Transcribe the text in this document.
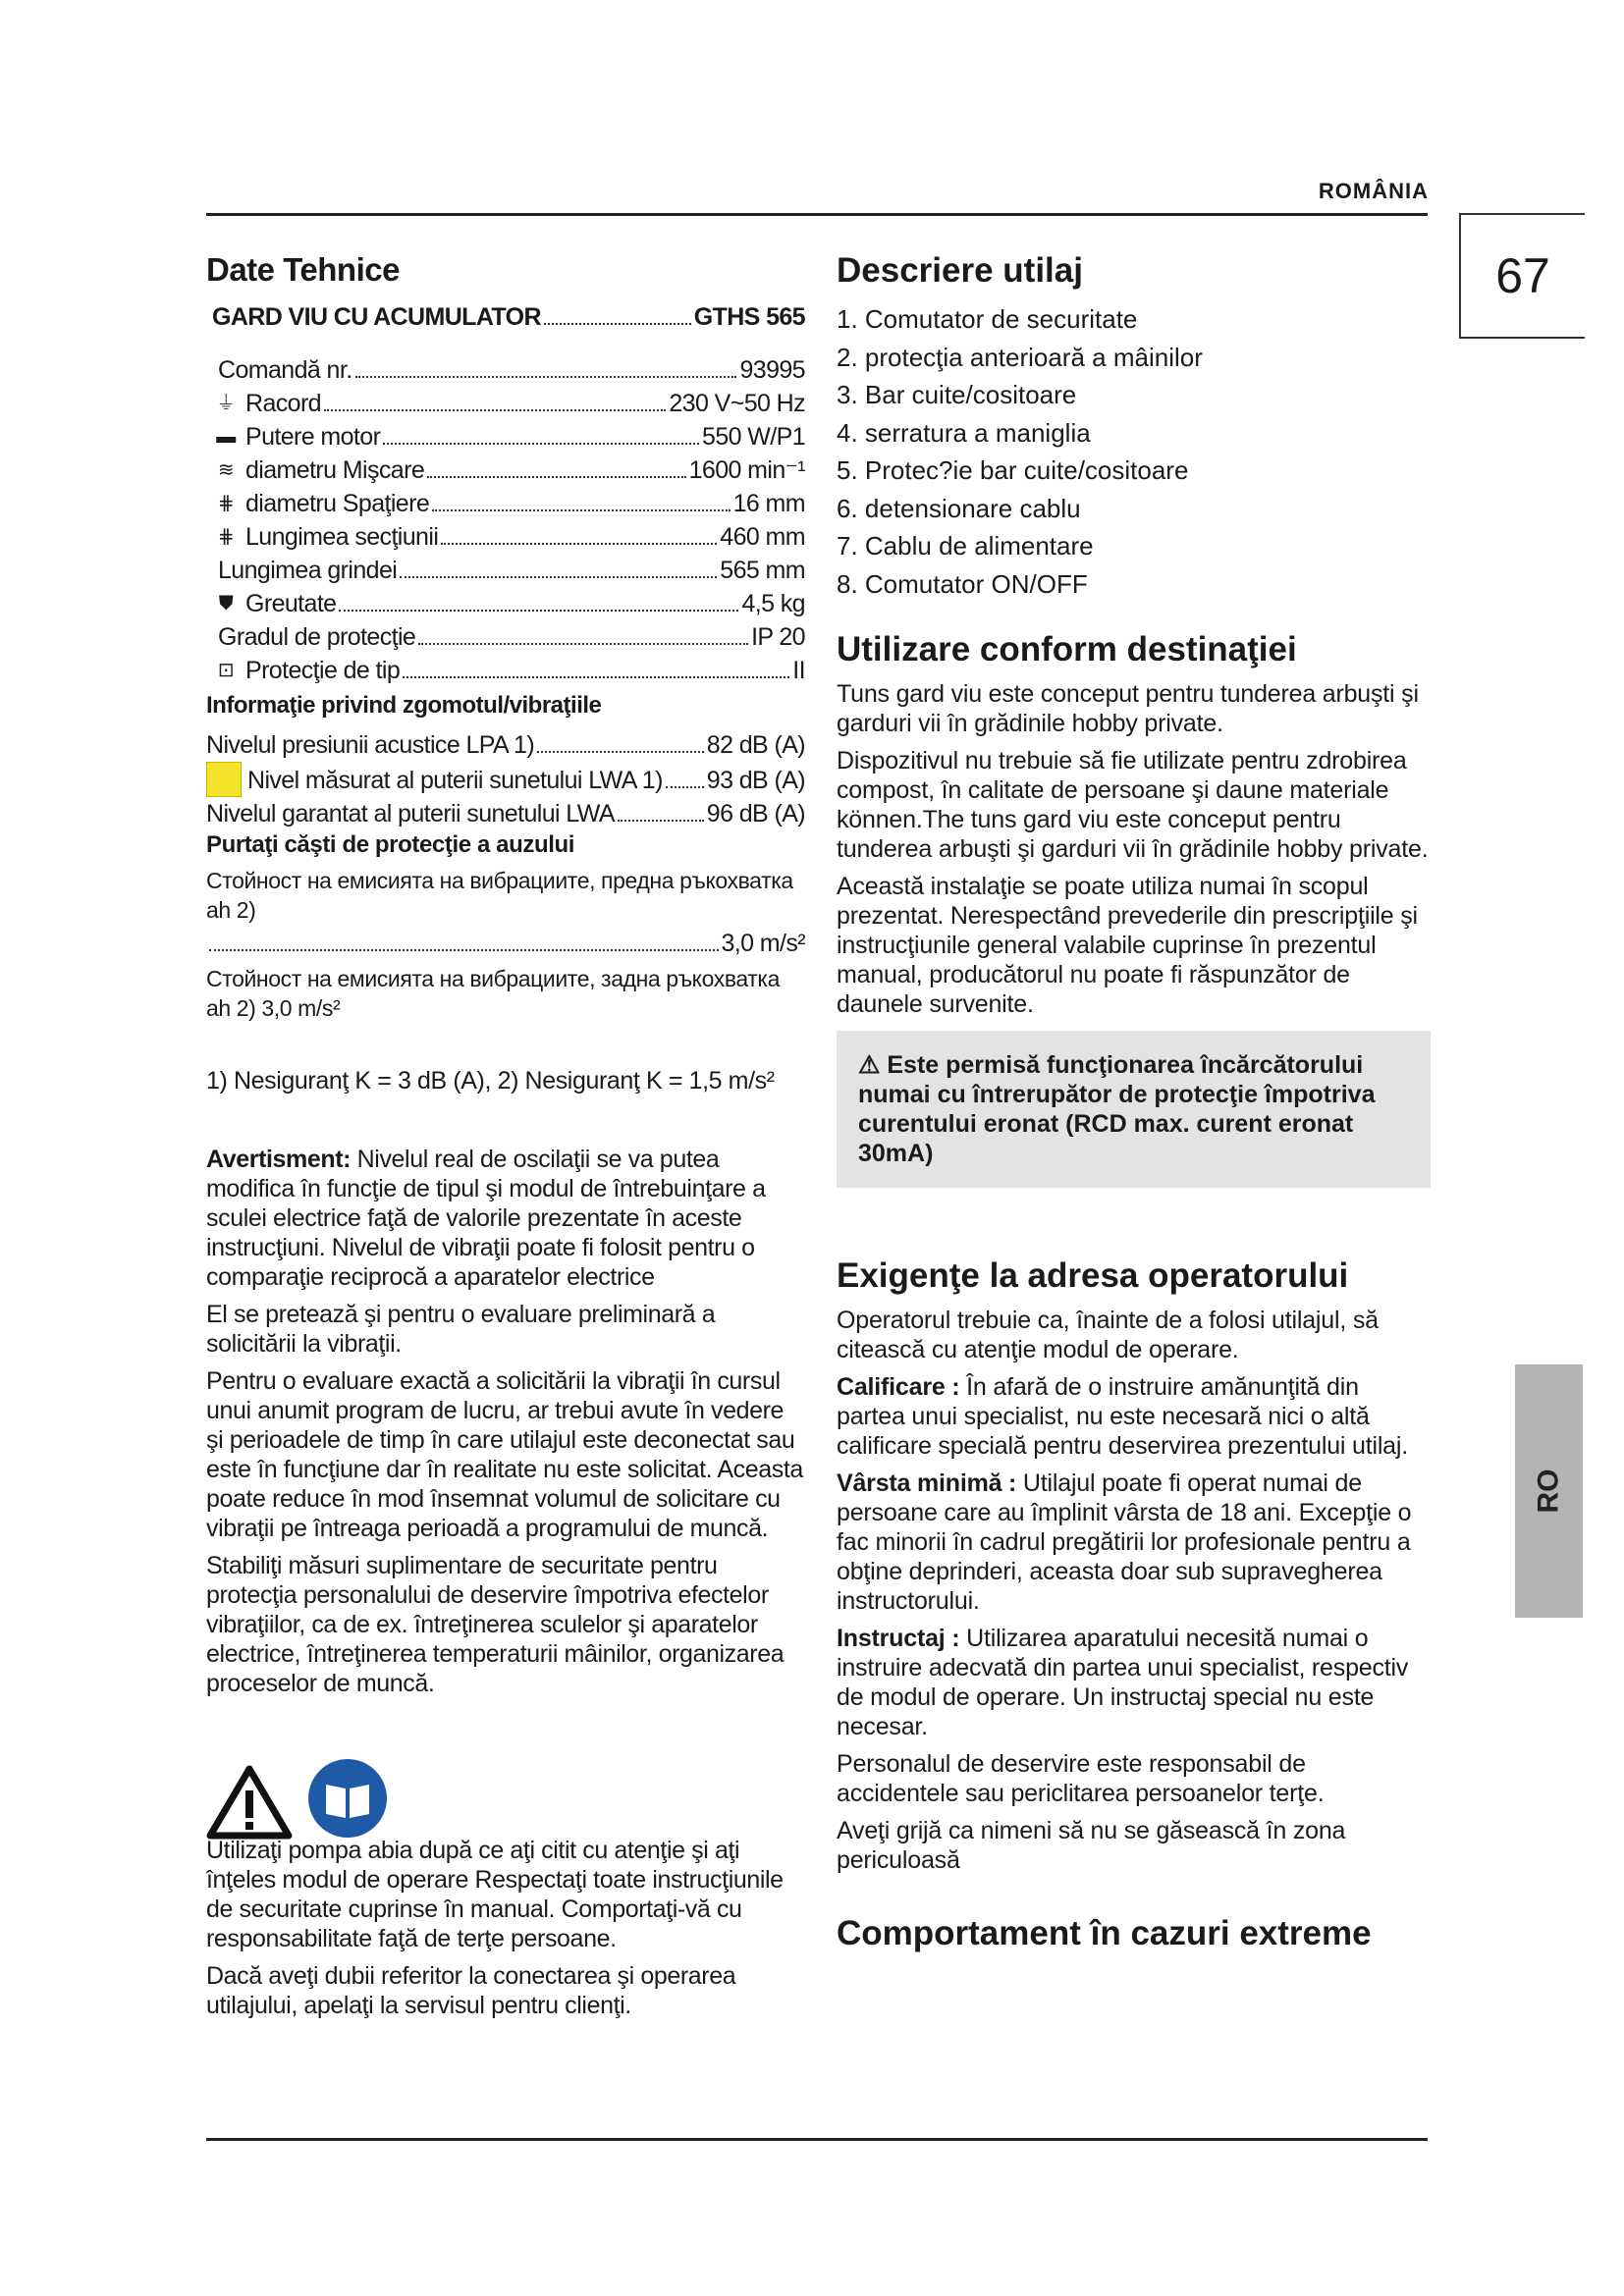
ROMÂNIA
67
RO
Date Tehnice
GARD VIU CU ACUMULATOR	GTHS 565
Comandă nr.	93995
⏚ Racord	230 V~50 Hz
▬ Putere motor	550 W/P1
≋ diametru Mişcare	1600 min⁻¹
⋕ diametru Spaţiere	16 mm
⋕ Lungimea secţiunii	460 mm
Lungimea grindei	565 mm
⛊ Greutate	4,5 kg
Gradul de protecţie	IP 20
⊡ Protecţie de tip	II
Informaţie privind zgomotul/vibraţiile
Nivelul presiunii acustice LPA 1)	82 dB (A)
Nivel măsurat al puterii sunetului LWA 1) 93 dB (A)
Nivelul garantat al puterii sunetului LWA	96 dB (A)
Purtaţi căşti de protecţie a auzului
Стойност на емисията на вибрациите, предна ръкохватка ah 2)
3,0 m/s²
Стойност на емисията на вибрациите, задна ръкохватка ah 2) 3,0 m/s²
1) Nesiguranţ K = 3 dB (A), 2) Nesiguranţ K = 1,5 m/s²
Avertisment: Nivelul real de oscilaţii se va putea modifica în funcţie de tipul şi modul de întrebuinţare a sculei electrice faţă de valorile prezentate în aceste instrucţiuni. Nivelul de vibraţii poate fi folosit pentru o comparaţie reciprocă a aparatelor electrice
El se pretează şi pentru o evaluare preliminară a solicitării la vibraţii.
Pentru o evaluare exactă a solicitării la vibraţii în cursul unui anumit program de lucru, ar trebui avute în vedere şi perioadele de timp în care utilajul este deconectat sau este în funcţiune dar în realitate nu este solicitat. Aceasta poate reduce în mod însemnat volumul de solicitare cu vibraţii pe întreaga perioadă a programului de muncă.
Stabiliţi măsuri suplimentare de securitate pentru protecţia personalului de deservire împotriva efectelor vibraţiilor, ca de ex. întreţinerea sculelor şi aparatelor electrice, întreţinerea temperaturii mâinilor, organizarea proceselor de muncă.
Utilizaţi pompa abia după ce aţi citit cu atenţie şi aţi înţeles modul de operare Respectaţi toate instrucţiunile de securitate cuprinse în manual. Comportaţi-vă cu responsabilitate faţă de terţe persoane.
Dacă aveţi dubii referitor la conectarea şi operarea utilajului, apelaţi la servisul pentru clienţi.
Descriere utilaj
1. Comutator de securitate
2. protecţia anterioară a mâinilor
3. Bar cuite/cositoare
4. serratura a maniglia
5. Protec?ie bar cuite/cositoare
6. detensionare cablu
7. Cablu de alimentare
8. Comutator ON/OFF
Utilizare conform destinaţiei
Tuns gard viu este conceput pentru tunderea arbuşti şi garduri vii în grădinile hobby private.
Dispozitivul nu trebuie să fie utilizate pentru zdrobirea compost, în calitate de persoane şi daune materiale können.The tuns gard viu este conceput pentru tunderea arbuşti şi garduri vii în grădinile hobby private.
Această instalaţie se poate utiliza numai în scopul prezentat. Nerespectând prevederile din prescripţiile şi instrucţiunile general valabile cuprinse în prezentul manual, producătorul nu poate fi răspunzător de daunele survenite.
⚠ Este permisă funcţionarea încărcătorului numai cu întrerupător de protecţie împotriva curentului eronat (RCD max. curent eronat 30mA)
Exigenţe la adresa operatorului
Operatorul trebuie ca, înainte de a folosi utilajul, să citească cu atenţie modul de operare.
Calificare : În afară de o instruire amănunţită din partea unui specialist, nu este necesară nici o altă calificare specială pentru deservirea prezentului utilaj.
Vârsta minimă : Utilajul poate fi operat numai de persoane care au împlinit vârsta de 18 ani. Excepţie o fac minorii în cadrul pregătirii lor profesionale pentru a obţine deprinderi, aceasta doar sub supravegherea instructorului.
Instructaj : Utilizarea aparatului necesită numai o instruire adecvată din partea unui specialist, respectiv de modul de operare. Un instructaj special nu este necesar.
Personalul de deservire este responsabil de accidentele sau periclitarea persoanelor terţe.
Aveţi grijă ca nimeni să nu se găsească în zona periculoasă
Comportament în cazuri extreme
